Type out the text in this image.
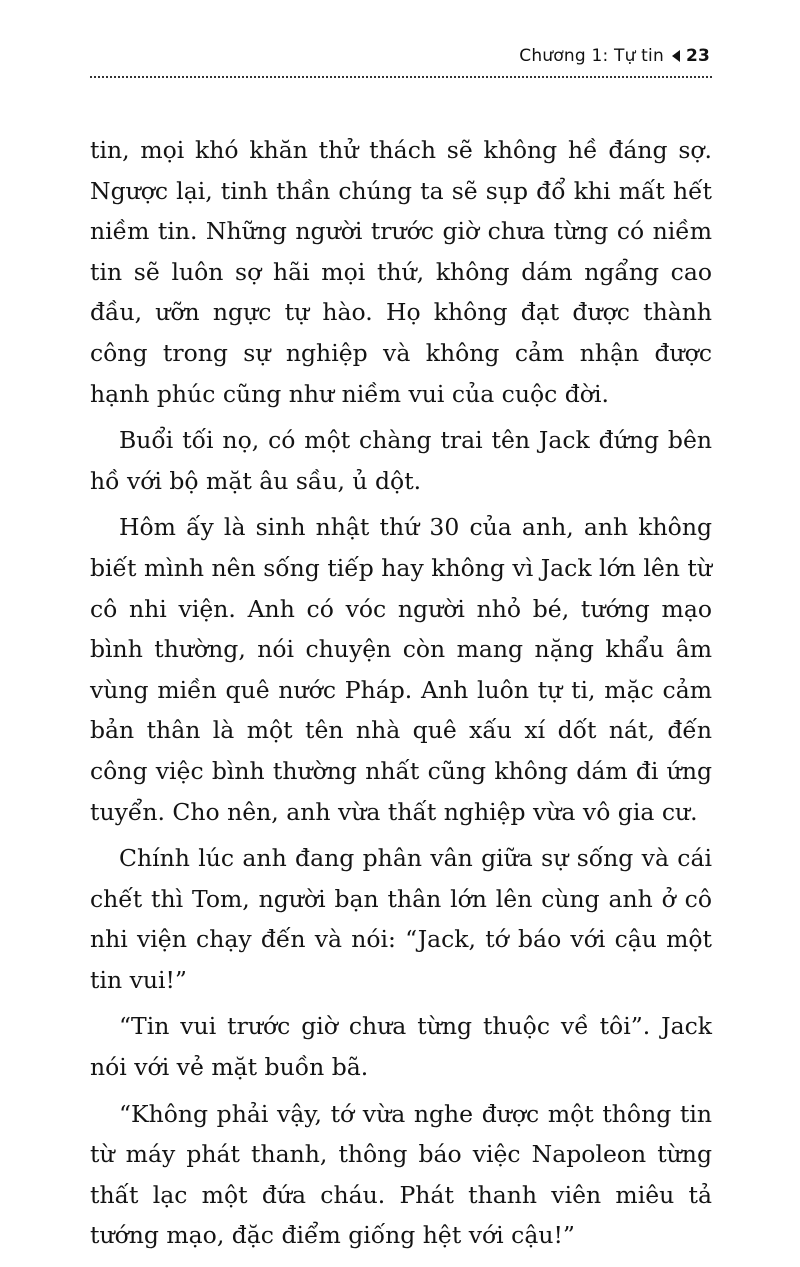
Chương 1: Tự tin 23

tin, mọi khó khăn thử thách sẽ không hề đáng sợ. Ngược lại, tinh thần chúng ta sẽ sụp đổ khi mất hết niềm tin. Những người trước giờ chưa từng có niềm tin sẽ luôn sợ hãi mọi thứ, không dám ngẩng cao đầu, ưỡn ngực tự hào. Họ không đạt được thành công trong sự nghiệp và không cảm nhận được hạnh phúc cũng như niềm vui của cuộc đời.

Buổi tối nọ, có một chàng trai tên Jack đứng bên hồ với bộ mặt âu sầu, ủ dột.

Hôm ấy là sinh nhật thứ 30 của anh, anh không biết mình nên sống tiếp hay không vì Jack lớn lên từ cô nhi viện. Anh có vóc người nhỏ bé, tướng mạo bình thường, nói chuyện còn mang nặng khẩu âm vùng miền quê nước Pháp. Anh luôn tự ti, mặc cảm bản thân là một tên nhà quê xấu xí dốt nát, đến công việc bình thường nhất cũng không dám đi ứng tuyển. Cho nên, anh vừa thất nghiệp vừa vô gia cư.

Chính lúc anh đang phân vân giữa sự sống và cái chết thì Tom, người bạn thân lớn lên cùng anh ở cô nhi viện chạy đến và nói: “Jack, tớ báo với cậu một tin vui!”

“Tin vui trước giờ chưa từng thuộc về tôi”. Jack nói với vẻ mặt buồn bã.

“Không phải vậy, tớ vừa nghe được một thông tin từ máy phát thanh, thông báo việc Napoleon từng thất lạc một đứa cháu. Phát thanh viên miêu tả tướng mạo, đặc điểm giống hệt với cậu!”
